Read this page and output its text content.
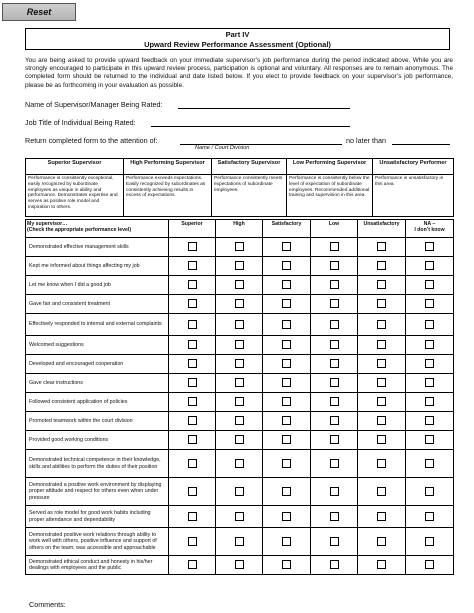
Reset
Part IV
Upward Review Performance Assessment (Optional)
You are being asked to provide upward feedback on your immediate supervisor’s job performance during the period indicated above. While you are strongly encouraged to participate in this upward review process, participation is optional and voluntary. All responses are to remain anonymous. The completed form should be returned to the individual and date listed below. If you elect to provide feedback on your supervisor’s job performance, please be as forthcoming in your evaluation as possible.
Name of Supervisor/Manager Being Rated:
Job Title of Individual Being Rated:
Return completed form to the attention of:	no later than
Name / Court Division
Superior Supervisor	High Performing Supervisor	Satisfactory Supervisor	Low Performing Supervisor	Unsatisfactory Performer
Performance is consistently exceptional, easily recognized by subordinate employees as unique in ability and performance. Demonstrates expertise and serves as positive role model and inspiration to others.	Performance exceeds expectations. Easily recognized by subordinates as consistently achieving results in excess of expectations.	Performance consistently meets expectations of subordinate employees.	Performance is consistently below the level of expectation of subordinate employees. Recommended additional training and supervision in this area.	Performance is unsatisfactory in this area.
My supervisor…
(Check the appropriate performance level)	Superior	High	Satisfactory	Low	Unsatisfactory	NA –
I don’t know
Demonstrated effective management skills						
Kept me informed about things affecting my job						
Let me know when I did a good job						
Gave fair and consistent treatment						
Effectively responded to internal and external complaints						
Welcomed suggestions						
Developed and encouraged cooperation						
Gave clear instructions						
Followed consistent application of policies						
Promoted teamwork within the court division						
Provided good working conditions						
Demonstrated technical competence in their knowledge, skills and abilities to perform the duties of their position						
Demonstrated a positive work environment by displaying proper attitude and respect for others even when under pressure						
Served as role model for good work habits including proper attendance and dependability						
Demonstrated positive work relations through ability to work well with others, positive influence and support of others on the team; was accessible and approachable						
Demonstrated ethical conduct and honesty in his/her dealings with employees and the public						
Comments:
